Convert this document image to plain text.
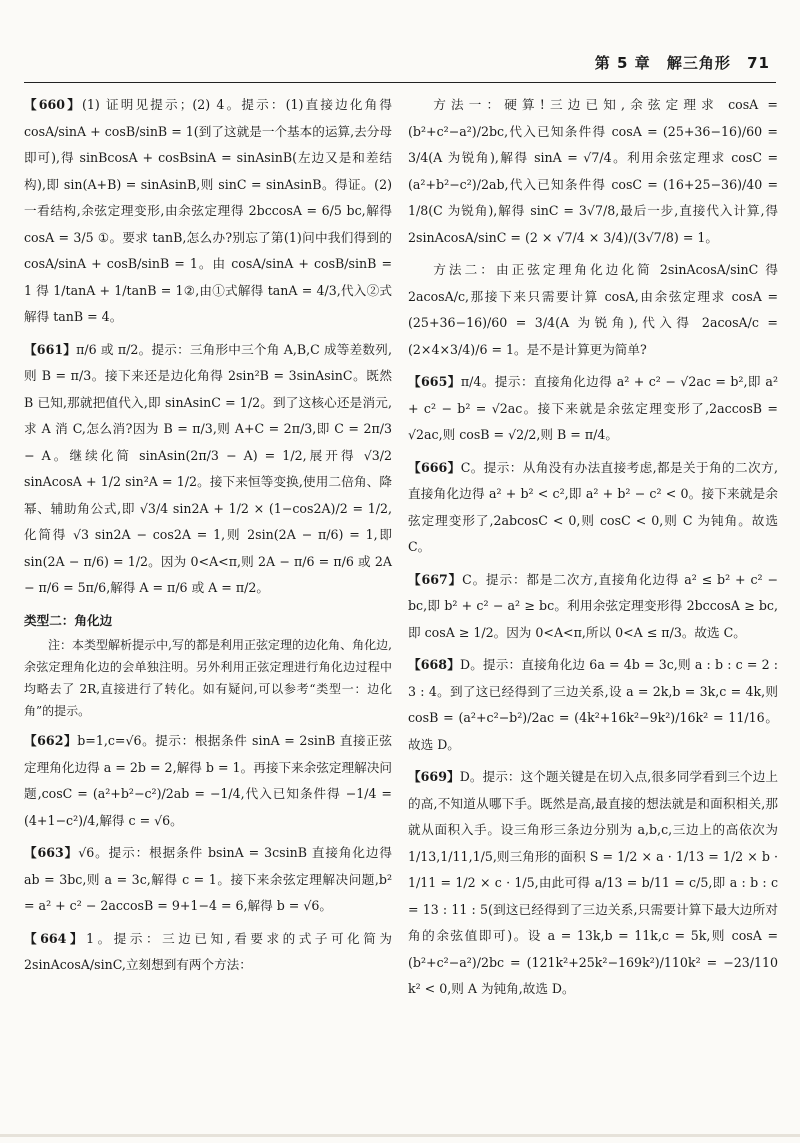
第 5 章 解三角形 71

【660】(1) 证明见提示；(2) 4。提示：(1)直接边化角得 cosA/sinA + cosB/sinB = 1(到了这就是一个基本的运算,去分母即可),得 sinBcosA + cosBsinA = sinAsinB(左边又是和差结构),即 sin(A+B) = sinAsinB,则 sinC = sinAsinB。得证。(2)一看结构,余弦定理变形,由余弦定理得 2bccosA = 6/5 bc,解得 cosA = 3/5 ①。要求 tanB,怎么办?别忘了第(1)问中我们得到的 cosA/sinA + cosB/sinB = 1。由 cosA/sinA + cosB/sinB = 1 得 1/tanA + 1/tanB = 1②,由①式解得 tanA = 4/3,代入②式解得 tanB = 4。

【661】π/6 或 π/2。提示：三角形中三个角 A,B,C 成等差数列,则 B = π/3。接下来还是边化角得 2sin²B = 3sinAsinC。既然 B 已知,那就把值代入,即 sinAsinC = 1/2。到了这核心还是消元,求 A 消 C,怎么消?因为 B = π/3,则 A+C = 2π/3,即 C = 2π/3 − A。继续化简 sinAsin(2π/3 − A) = 1/2,展开得 √3/2 sinAcosA + 1/2 sin²A = 1/2。接下来恒等变换,使用二倍角、降幂、辅助角公式,即 √3/4 sin2A + 1/2 × (1−cos2A)/2 = 1/2,化简得 √3 sin2A − cos2A = 1,则 2sin(2A − π/6) = 1,即 sin(2A − π/6) = 1/2。因为 0<A<π,则 2A − π/6 = π/6 或 2A − π/6 = 5π/6,解得 A = π/6 或 A = π/2。

类型二：角化边

注：本类型解析提示中,写的都是利用正弦定理的边化角、角化边,余弦定理角化边的会单独注明。另外利用正弦定理进行角化边过程中均略去了 2R,直接进行了转化。如有疑问,可以参考“类型一：边化角”的提示。

【662】b=1,c=√6。提示：根据条件 sinA = 2sinB 直接正弦定理角化边得 a = 2b = 2,解得 b = 1。再接下来余弦定理解决问题,cosC = (a²+b²−c²)/2ab = −1/4,代入已知条件得 −1/4 = (4+1−c²)/4,解得 c = √6。

【663】√6。提示：根据条件 bsinA = 3csinB 直接角化边得 ab = 3bc,则 a = 3c,解得 c = 1。接下来余弦定理解决问题,b² = a² + c² − 2accosB = 9+1−4 = 6,解得 b = √6。

【664】1。提示：三边已知,看要求的式子可化简为 2sinAcosA/sinC,立刻想到有两个方法：

方法一：硬算!三边已知,余弦定理求 cosA = (b²+c²−a²)/2bc,代入已知条件得 cosA = (25+36−16)/60 = 3/4(A 为锐角),解得 sinA = √7/4。利用余弦定理求 cosC = (a²+b²−c²)/2ab,代入已知条件得 cosC = (16+25−36)/40 = 1/8(C 为锐角),解得 sinC = 3√7/8,最后一步,直接代入计算,得 2sinAcosA/sinC = (2 × √7/4 × 3/4)/(3√7/8) = 1。

方法二：由正弦定理角化边化简 2sinAcosA/sinC 得 2acosA/c,那接下来只需要计算 cosA,由余弦定理求 cosA = (25+36−16)/60 = 3/4(A 为锐角),代入得 2acosA/c = (2×4×3/4)/6 = 1。是不是计算更为简单?

【665】π/4。提示：直接角化边得 a² + c² − √2ac = b²,即 a² + c² − b² = √2ac。接下来就是余弦定理变形了,2accosB = √2ac,则 cosB = √2/2,则 B = π/4。

【666】C。提示：从角没有办法直接考虑,都是关于角的二次方,直接角化边得 a² + b² < c²,即 a² + b² − c² < 0。接下来就是余弦定理变形了,2abcosC < 0,则 cosC < 0,则 C 为钝角。故选 C。

【667】C。提示：都是二次方,直接角化边得 a² ≤ b² + c² − bc,即 b² + c² − a² ≥ bc。利用余弦定理变形得 2bccosA ≥ bc,即 cosA ≥ 1/2。因为 0<A<π,所以 0<A ≤ π/3。故选 C。

【668】D。提示：直接角化边 6a = 4b = 3c,则 a : b : c = 2 : 3 : 4。到了这已经得到了三边关系,设 a = 2k,b = 3k,c = 4k,则 cosB = (a²+c²−b²)/2ac = (4k²+16k²−9k²)/16k² = 11/16。故选 D。

【669】D。提示：这个题关键是在切入点,很多同学看到三个边上的高,不知道从哪下手。既然是高,最直接的想法就是和面积相关,那就从面积入手。设三角形三条边分别为 a,b,c,三边上的高依次为 1/13,1/11,1/5,则三角形的面积 S = 1/2 × a · 1/13 = 1/2 × b · 1/11 = 1/2 × c · 1/5,由此可得 a/13 = b/11 = c/5,即 a : b : c = 13 : 11 : 5(到这已经得到了三边关系,只需要计算下最大边所对角的余弦值即可)。设 a = 13k,b = 11k,c = 5k,则 cosA = (b²+c²−a²)/2bc = (121k²+25k²−169k²)/110k² = −23/110 k² < 0,则 A 为钝角,故选 D。
